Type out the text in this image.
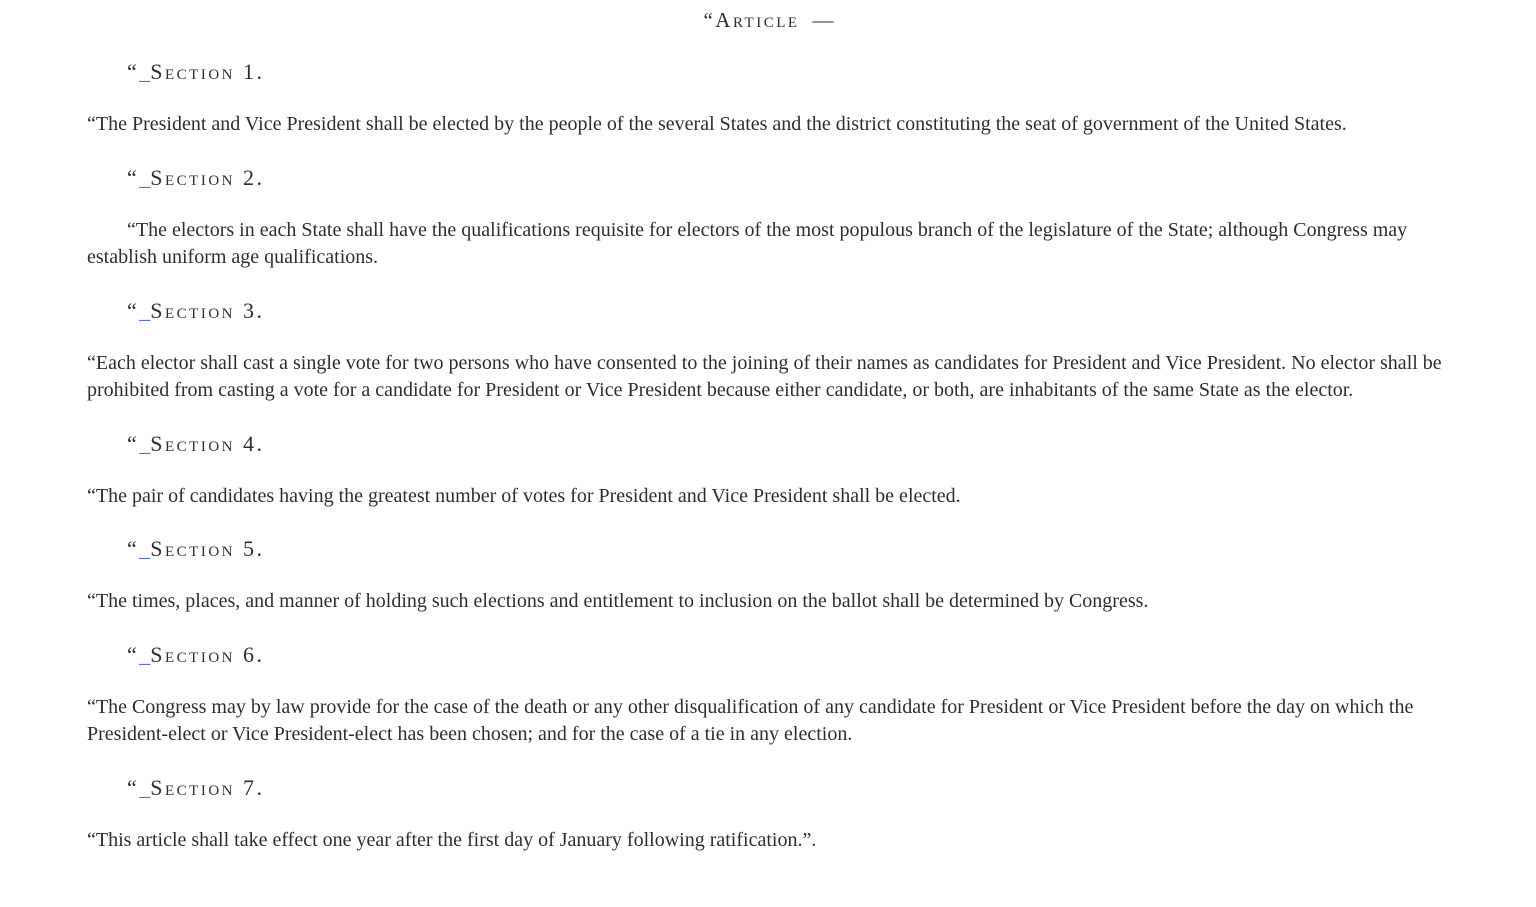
“Article —
“_Section 1.

“The President and Vice President shall be elected by the people of the several States and the district constituting the seat of government of the United States.

“_Section 2.

“The electors in each State shall have the qualifications requisite for electors of the most populous branch of the legislature of the State; although Congress may establish uniform age qualifications.

“_Section 3.

“Each elector shall cast a single vote for two persons who have consented to the joining of their names as candidates for President and Vice President. No elector shall be prohibited from casting a vote for a candidate for President or Vice President because either candidate, or both, are inhabitants of the same State as the elector.

“_Section 4.

“The pair of candidates having the greatest number of votes for President and Vice President shall be elected.

“_Section 5.

“The times, places, and manner of holding such elections and entitlement to inclusion on the ballot shall be determined by Congress.

“_Section 6.

“The Congress may by law provide for the case of the death or any other disqualification of any candidate for President or Vice President before the day on which the President-elect or Vice President-elect has been chosen; and for the case of a tie in any election.

“_Section 7.

“This article shall take effect one year after the first day of January following ratification.”.
